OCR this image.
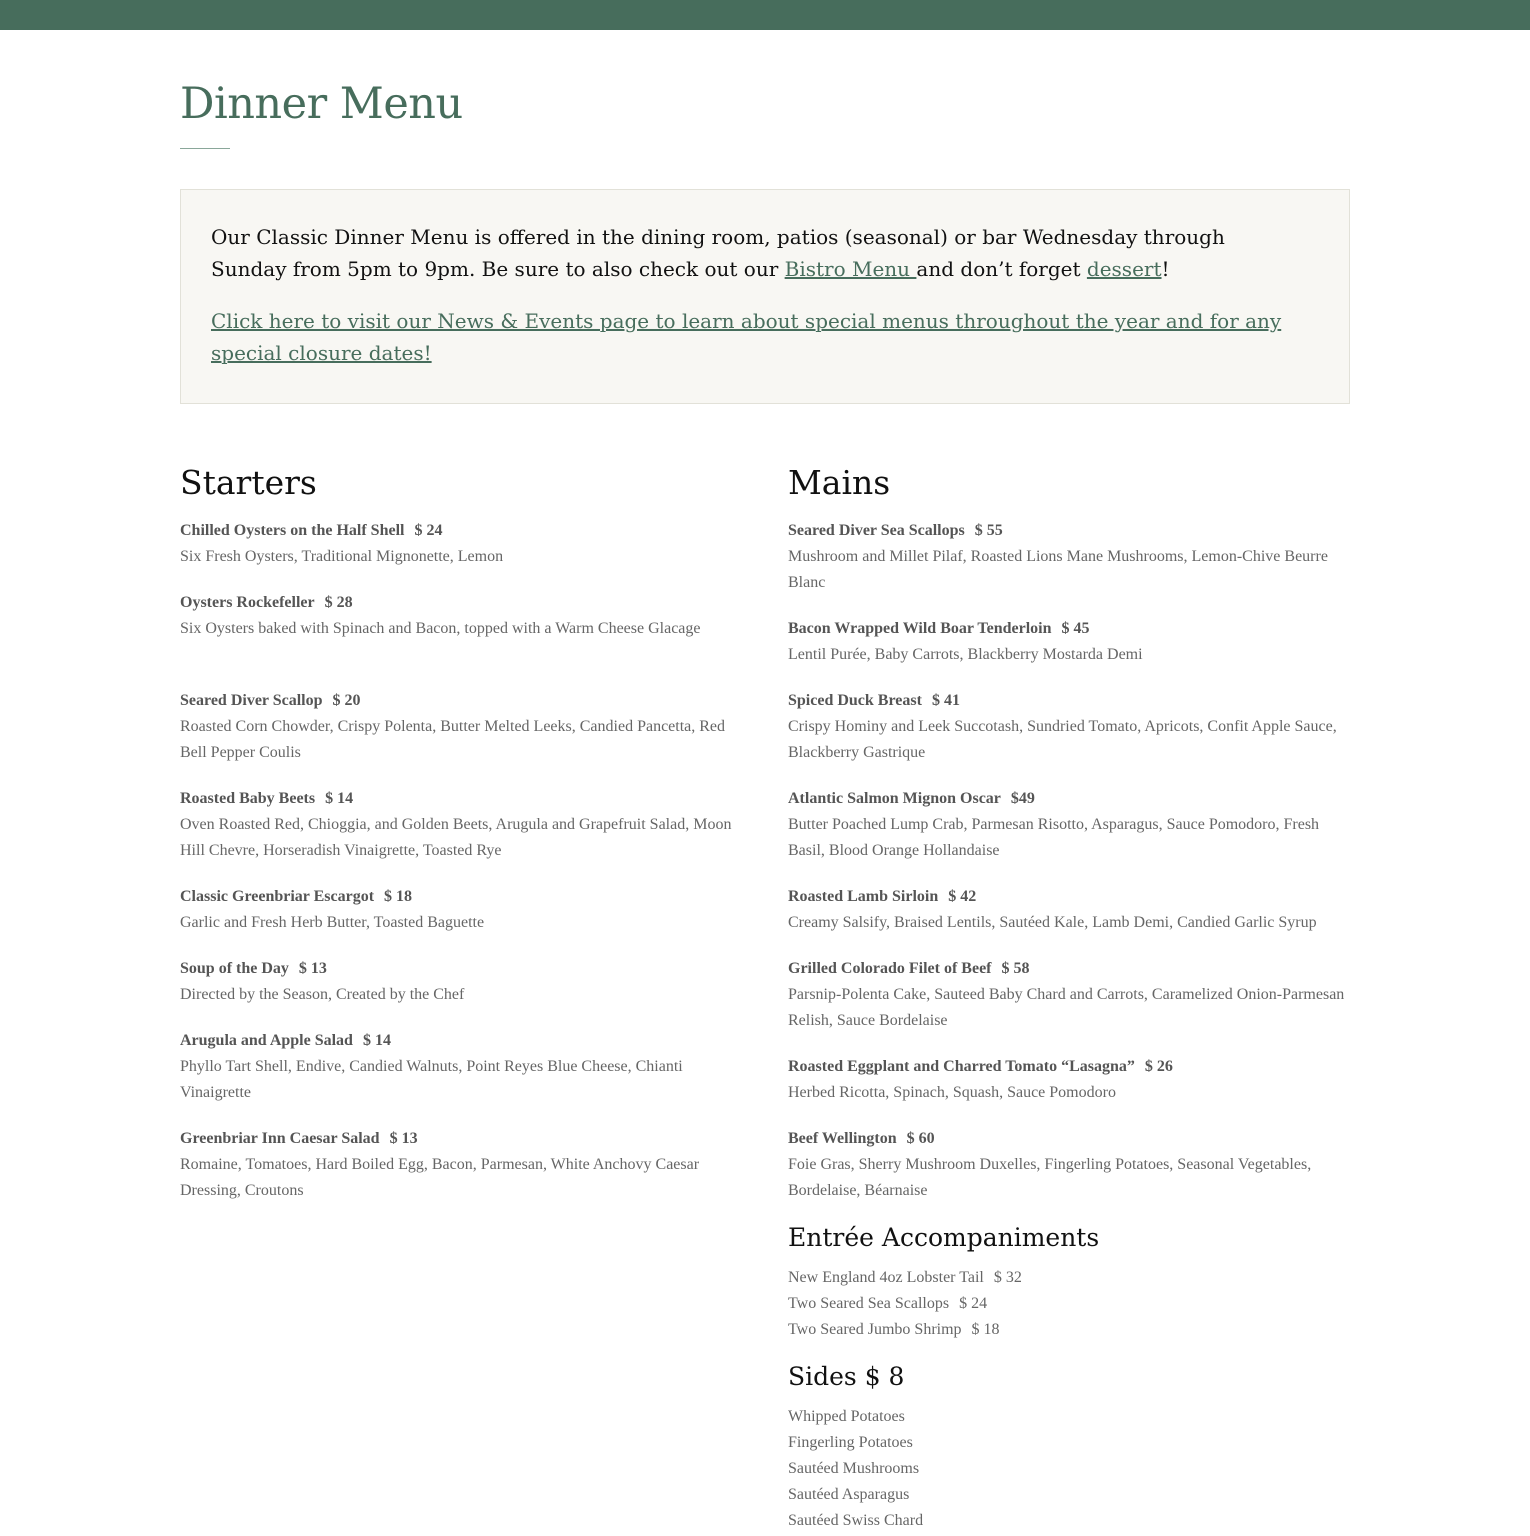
Dinner Menu

Our Classic Dinner Menu is offered in the dining room, patios (seasonal) or bar Wednesday through Sunday from 5pm to 9pm. Be sure to also check out our Bistro Menu and don’t forget dessert!

Click here to visit our News & Events page to learn about special menus throughout the year and for any special closure dates!

Starters
Chilled Oysters on the Half Shell $ 24
Six Fresh Oysters, Traditional Mignonette, Lemon
Oysters Rockefeller $ 28
Six Oysters baked with Spinach and Bacon, topped with a Warm Cheese Glacage
Seared Diver Scallop $ 20
Roasted Corn Chowder, Crispy Polenta, Butter Melted Leeks, Candied Pancetta, Red Bell Pepper Coulis
Roasted Baby Beets $ 14
Oven Roasted Red, Chioggia, and Golden Beets, Arugula and Grapefruit Salad, Moon Hill Chevre, Horseradish Vinaigrette, Toasted Rye
Classic Greenbriar Escargot $ 18
Garlic and Fresh Herb Butter, Toasted Baguette
Soup of the Day $ 13
Directed by the Season, Created by the Chef
Arugula and Apple Salad $ 14
Phyllo Tart Shell, Endive, Candied Walnuts, Point Reyes Blue Cheese, Chianti Vinaigrette
Greenbriar Inn Caesar Salad $ 13
Romaine, Tomatoes, Hard Boiled Egg, Bacon, Parmesan, White Anchovy Caesar Dressing, Croutons
Mains
Seared Diver Sea Scallops $ 55
Mushroom and Millet Pilaf, Roasted Lions Mane Mushrooms, Lemon-Chive Beurre Blanc
Bacon Wrapped Wild Boar Tenderloin $ 45
Lentil Purée, Baby Carrots, Blackberry Mostarda Demi
Spiced Duck Breast $ 41
Crispy Hominy and Leek Succotash, Sundried Tomato, Apricots, Confit Apple Sauce, Blackberry Gastrique
Atlantic Salmon Mignon Oscar $49
Butter Poached Lump Crab, Parmesan Risotto, Asparagus, Sauce Pomodoro, Fresh Basil, Blood Orange Hollandaise
Roasted Lamb Sirloin $ 42
Creamy Salsify, Braised Lentils, Sautéed Kale, Lamb Demi, Candied Garlic Syrup
Grilled Colorado Filet of Beef $ 58
Parsnip-Polenta Cake, Sauteed Baby Chard and Carrots, Caramelized Onion-Parmesan Relish, Sauce Bordelaise
Roasted Eggplant and Charred Tomato “Lasagna” $ 26
Herbed Ricotta, Spinach, Squash, Sauce Pomodoro
Beef Wellington $ 60
Foie Gras, Sherry Mushroom Duxelles, Fingerling Potatoes, Seasonal Vegetables, Bordelaise, Béarnaise
Entrée Accompaniments
New England 4oz Lobster Tail $ 32
Two Seared Sea Scallops $ 24
Two Seared Jumbo Shrimp $ 18
Sides $ 8
Whipped Potatoes
Fingerling Potatoes
Sautéed Mushrooms
Sautéed Asparagus
Sautéed Swiss Chard
